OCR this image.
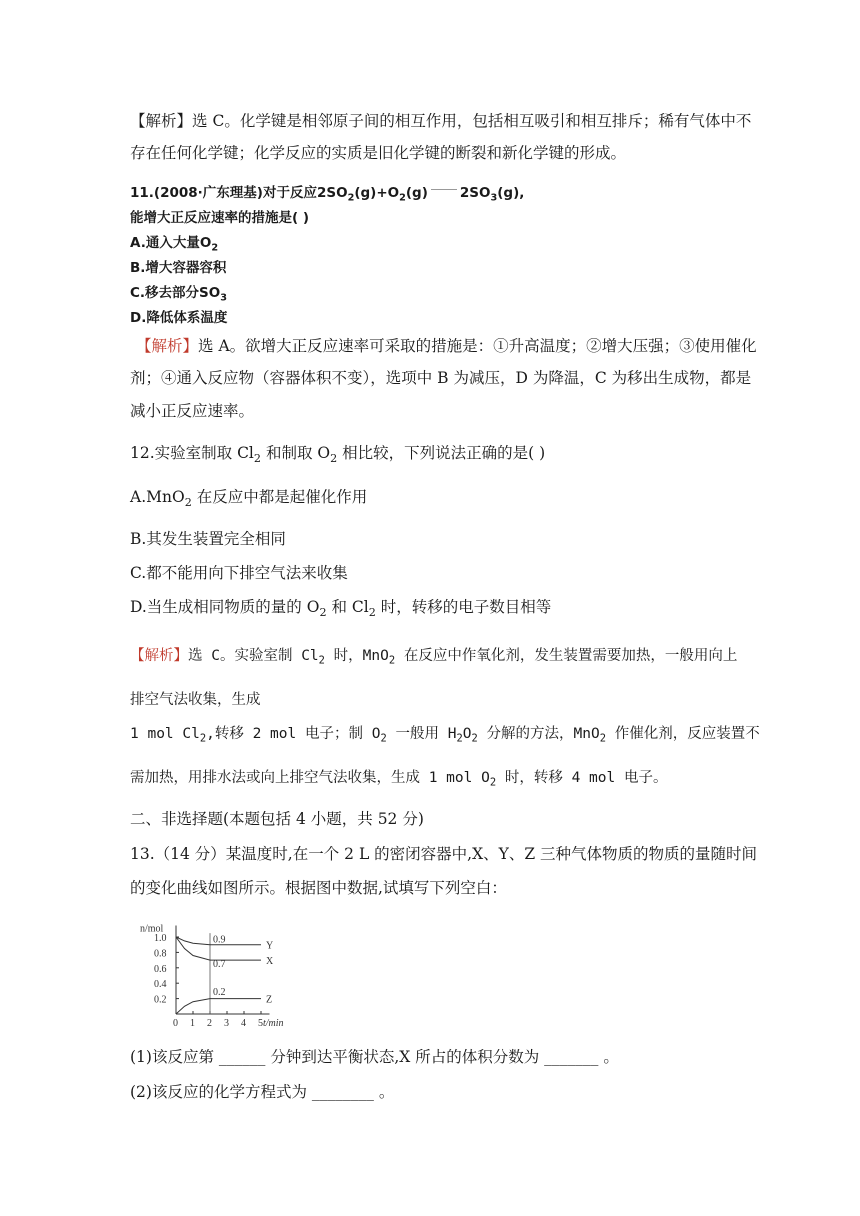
【解析】选 C。化学键是相邻原子间的相互作用，包括相互吸引和相互排斥；稀有气体中不
存在任何化学键；化学反应的实质是旧化学键的断裂和新化学键的形成。
11.(2008·广东理基)对于反应$2SO_2(g)+O_2(g)$ $2SO_3(g)$,
能增大正反应速率的措施是( )
A.通入大量$O_2$
B.增大容器容积
C.移去部分$SO_3$
D.降低体系温度
【解析】选 A。欲增大正反应速率可采取的措施是：①升高温度；②增大压强；③使用催化
剂；④通入反应物（容器体积不变），选项中 B 为减压，D 为降温，C 为移出生成物，都是
减小正反应速率。
12.实验室制取 $Cl_2$ 和制取 $O_2$ 相比较，下列说法正确的是( )
A.MnO$_2$ 在反应中都是起催化作用
B.其发生装置完全相同
C.都不能用向下排空气法来收集
D.当生成相同物质的量的 $O_2$ 和 $Cl_2$ 时，转移的电子数目相等
【解析】选 C。实验室制 $Cl_2$ 时，MnO$_2$ 在反应中作氧化剂，发生装置需要加热，一般用向上
排空气法收集，生成
1 mol $Cl_2$,转移 2 mol 电子；制 $O_2$ 一般用 $H_2O_2$ 分解的方法，MnO$_2$ 作催化剂，反应装置不
需加热，用排水法或向上排空气法收集，生成 1 mol $O_2$ 时，转移 4 mol 电子。
二、非选择题(本题包括 4 小题，共 52 分)
13.（14 分）某温度时,在一个 2 L 的密闭容器中,X、Y、Z 三种气体物质的物质的量随时间
的变化曲线如图所示。根据图中数据,试填写下列空白：
n/mol
t/min
0 1 2 3 4 5
1.0
0.8
0.6
0.4
0.2
Y
X
Z
0.9
0.7
0.2
(1)该反应第 ______ 分钟到达平衡状态,X 所占的体积分数为 _______ 。
(2)该反应的化学方程式为 ________ 。
